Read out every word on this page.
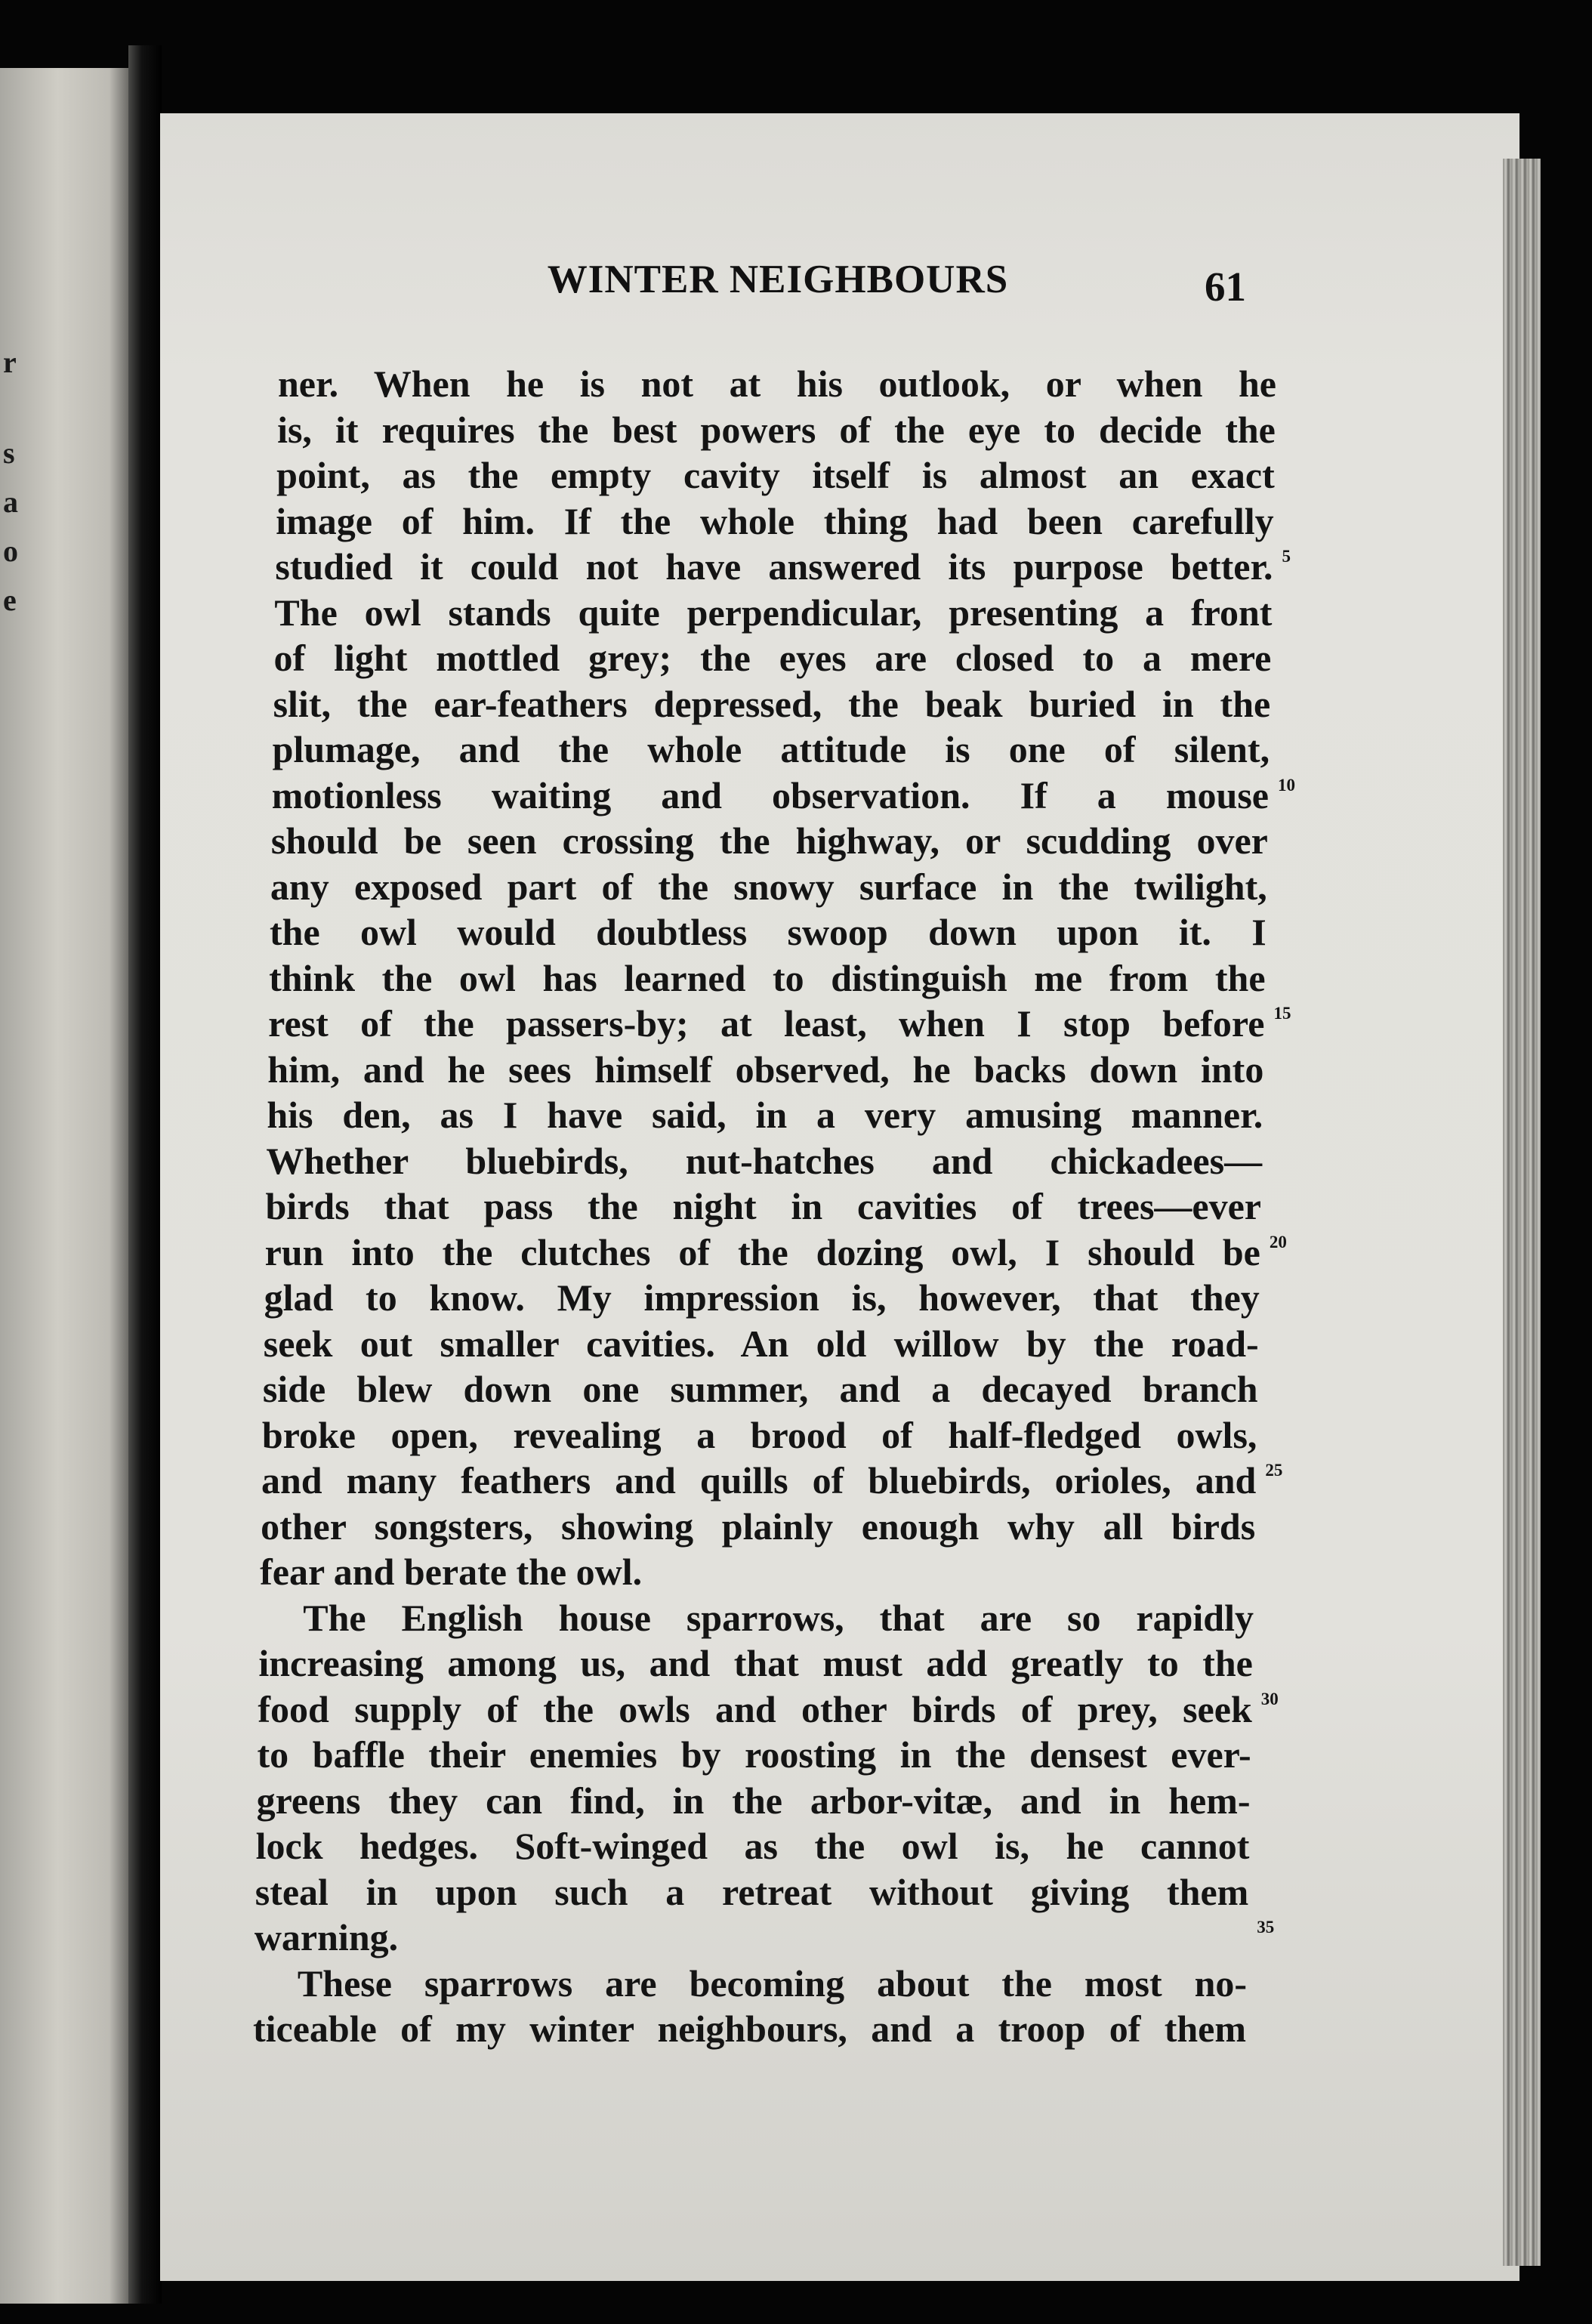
r
s
a
o
e
WINTER NEIGHBOURS	61
ner. When he is not at his outlook, or when he
is, it requires the best powers of the eye to decide the
point, as the empty cavity itself is almost an exact
image of him. If the whole thing had been carefully
studied it could not have answered its purpose better.
The owl stands quite perpendicular, presenting a front
of light mottled grey; the eyes are closed to a mere
slit, the ear-feathers depressed, the beak buried in the
plumage, and the whole attitude is one of silent,
motionless waiting and observation. If a mouse
should be seen crossing the highway, or scudding over
any exposed part of the snowy surface in the twilight,
the owl would doubtless swoop down upon it. I
think the owl has learned to distinguish me from the
rest of the passers-by; at least, when I stop before
him, and he sees himself observed, he backs down into
his den, as I have said, in a very amusing manner.
Whether bluebirds, nut-hatches and chickadees—
birds that pass the night in cavities of trees—ever
run into the clutches of the dozing owl, I should be
glad to know. My impression is, however, that they
seek out smaller cavities. An old willow by the road-
side blew down one summer, and a decayed branch
broke open, revealing a brood of half-fledged owls,
and many feathers and quills of bluebirds, orioles, and
other songsters, showing plainly enough why all birds
fear and berate the owl.
The English house sparrows, that are so rapidly
increasing among us, and that must add greatly to the
food supply of the owls and other birds of prey, seek
to baffle their enemies by roosting in the densest ever-
greens they can find, in the arbor-vitæ, and in hem-
lock hedges. Soft-winged as the owl is, he cannot
steal in upon such a retreat without giving them
warning.
These sparrows are becoming about the most no-
ticeable of my winter neighbours, and a troop of them
5
10
15
20
25
30
35
